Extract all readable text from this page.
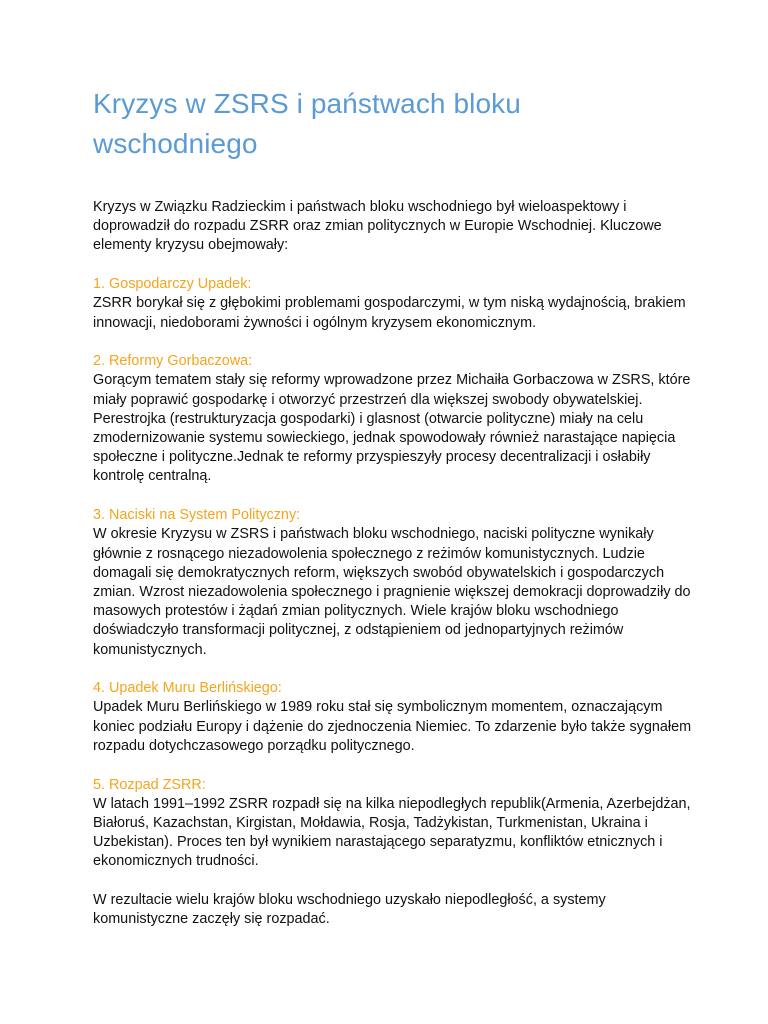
Kryzys w ZSRS i państwach bloku wschodniego

Kryzys w Związku Radzieckim i państwach bloku wschodniego był wieloaspektowy i doprowadził do rozpadu ZSRR oraz zmian politycznych w Europie Wschodniej. Kluczowe elementy kryzysu obejmowały:

1. Gospodarczy Upadek:

ZSRR borykał się z głębokimi problemami gospodarczymi, w tym niską wydajnością, brakiem innowacji, niedoborami żywności i ogólnym kryzysem ekonomicznym.

2. Reformy Gorbaczowa:

Gorącym tematem stały się reformy wprowadzone przez Michaiła Gorbaczowa w ZSRS, które miały poprawić gospodarkę i otworzyć przestrzeń dla większej swobody obywatelskiej. Perestrojka (restrukturyzacja gospodarki) i glasnost (otwarcie polityczne) miały na celu zmodernizowanie systemu sowieckiego, jednak spowodowały również narastające napięcia społeczne i polityczne.Jednak te reformy przyspieszyły procesy decentralizacji i osłabiły kontrolę centralną.

3. Naciski na System Polityczny:

W okresie Kryzysu w ZSRS i państwach bloku wschodniego, naciski polityczne wynikały głównie z rosnącego niezadowolenia społecznego z reżimów komunistycznych. Ludzie domagali się demokratycznych reform, większych swobód obywatelskich i gospodarczych zmian. Wzrost niezadowolenia społecznego i pragnienie większej demokracji doprowadziły do masowych protestów i żądań zmian politycznych. Wiele krajów bloku wschodniego doświadczyło transformacji politycznej, z odstąpieniem od jednopartyjnych reżimów komunistycznych.

4. Upadek Muru Berlińskiego:

Upadek Muru Berlińskiego w 1989 roku stał się symbolicznym momentem, oznaczającym koniec podziału Europy i dążenie do zjednoczenia Niemiec. To zdarzenie było także sygnałem rozpadu dotychczasowego porządku politycznego.

5. Rozpad ZSRR:

W latach 1991–1992 ZSRR rozpadł się na kilka niepodległych republik(Armenia, Azerbejdżan, Białoruś, Kazachstan, Kirgistan, Mołdawia, Rosja, Tadżykistan, Turkmenistan, Ukraina i Uzbekistan). Proces ten był wynikiem narastającego separatyzmu, konfliktów etnicznych i ekonomicznych trudności.

W rezultacie wielu krajów bloku wschodniego uzyskało niepodległość, a systemy komunistyczne zaczęły się rozpadać.
